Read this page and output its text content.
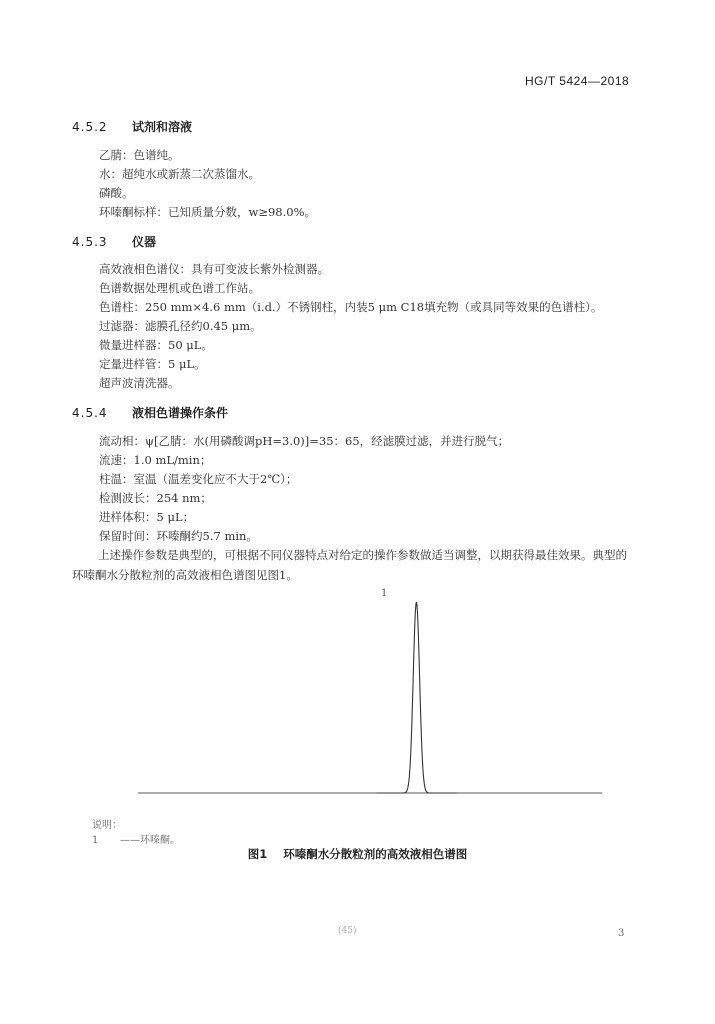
HG/T 5424—2018
4.5.2 试剂和溶液
乙腈：色谱纯。
水：超纯水或新蒸二次蒸馏水。
磷酸。
环嗪酮标样：已知质量分数，w≥98.0%。
4.5.3 仪器
高效液相色谱仪：具有可变波长紫外检测器。
色谱数据处理机或色谱工作站。
色谱柱：250 mm×4.6 mm（i.d.）不锈钢柱，内装5 μm C18填充物（或具同等效果的色谱柱）。
过滤器：滤膜孔径约0.45 μm。
微量进样器：50 μL。
定量进样管：5 μL。
超声波清洗器。
4.5.4 液相色谱操作条件
流动相：ψ[乙腈：水(用磷酸调pH=3.0)]=35：65，经滤膜过滤，并进行脱气；
流速：1.0 mL/min；
柱温：室温（温差变化应不大于2℃）；
检测波长：254 nm；
进样体积：5 μL；
保留时间：环嗪酮约5.7 min。
上述操作参数是典型的，可根据不同仪器特点对给定的操作参数做适当调整，以期获得最佳效果。典型的环嗪酮水分散粒剂的高效液相色谱图见图1。
1
说明：
1 ——环嗪酮。
图1 环嗪酮水分散粒剂的高效液相色谱图
(45)	3
